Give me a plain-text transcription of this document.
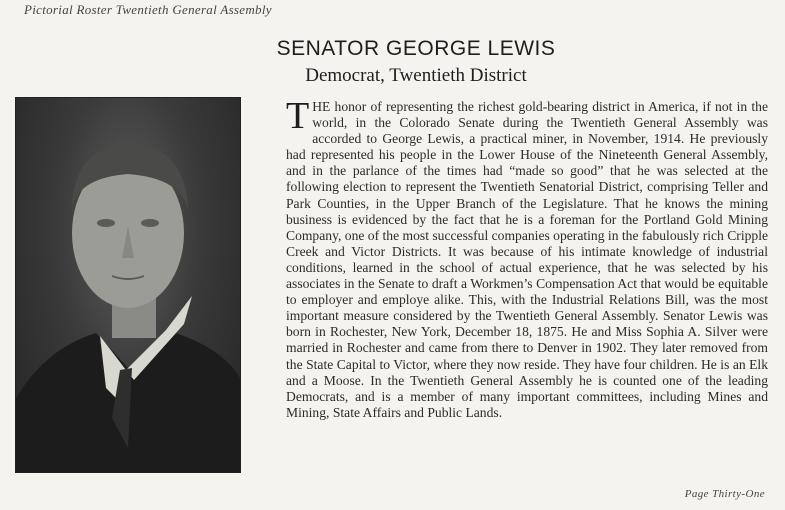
Pictorial Roster Twentieth General Assembly
SENATOR GEORGE LEWIS
Democrat, Twentieth District
THE honor of representing the richest gold-bearing district in America, if not in the world, in the Colorado Senate during the Twentieth General Assembly was accorded to George Lewis, a practical miner, in November, 1914. He previously had represented his people in the Lower House of the Nineteenth General Assembly, and in the parlance of the times had “made so good” that he was selected at the following election to represent the Twentieth Senatorial District, comprising Teller and Park Counties, in the Upper Branch of the Legislature. That he knows the mining business is evidenced by the fact that he is a foreman for the Portland Gold Mining Company, one of the most successful companies operating in the fabulously rich Cripple Creek and Victor Districts. It was because of his intimate knowledge of industrial conditions, learned in the school of actual experience, that he was selected by his associates in the Senate to draft a Workmen’s Compensation Act that would be equitable to employer and employe alike. This, with the Industrial Relations Bill, was the most important measure considered by the Twentieth General Assembly. Senator Lewis was born in Rochester, New York, December 18, 1875. He and Miss Sophia A. Silver were married in Rochester and came from there to Denver in 1902. They later removed from the State Capital to Victor, where they now reside. They have four children. He is an Elk and a Moose. In the Twentieth General Assembly he is counted one of the leading Democrats, and is a member of many important committees, including Mines and Mining, State Affairs and Public Lands.
Page Thirty-One
